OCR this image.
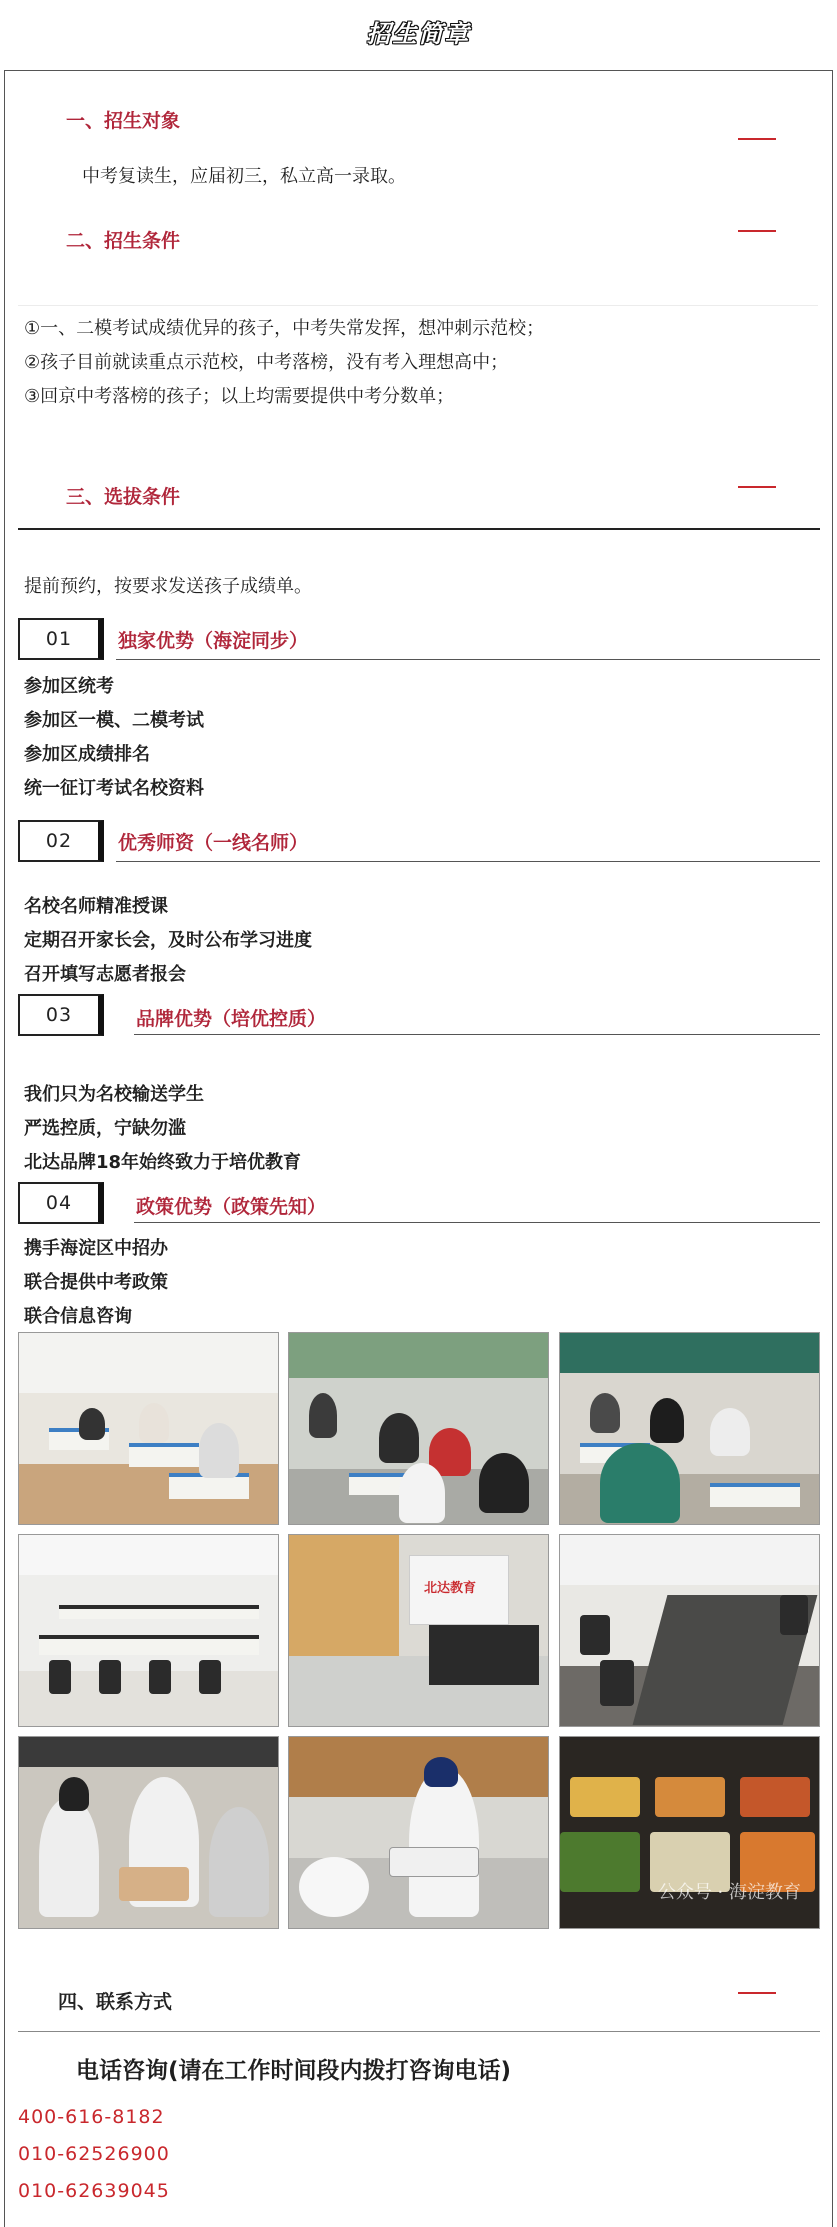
招生简章
一、招生对象
中考复读生，应届初三，私立高一录取。
二、招生条件
①一、二模考试成绩优异的孩子，中考失常发挥，想冲刺示范校；
②孩子目前就读重点示范校，中考落榜，没有考入理想高中；
③回京中考落榜的孩子；以上均需要提供中考分数单；
三、选拔条件
提前预约，按要求发送孩子成绩单。
01	独家优势（海淀同步）
参加区统考
参加区一模、二模考试
参加区成绩排名
统一征订考试名校资料
02	优秀师资（一线名师）
名校名师精准授课
定期召开家长会，及时公布学习进度
召开填写志愿者报会
03	品牌优势（培优控质）
我们只为名校输送学生
严选控质，宁缺勿滥
北达品牌18年始终致力于培优教育
04	政策优势（政策先知）
携手海淀区中招办
联合提供中考政策
联合信息咨询
北达教育
公众号 · 海淀教育
四、联系方式
电话咨询(请在工作时间段内拨打咨询电话)
400-616-8182
010-62526900
010-62639045
